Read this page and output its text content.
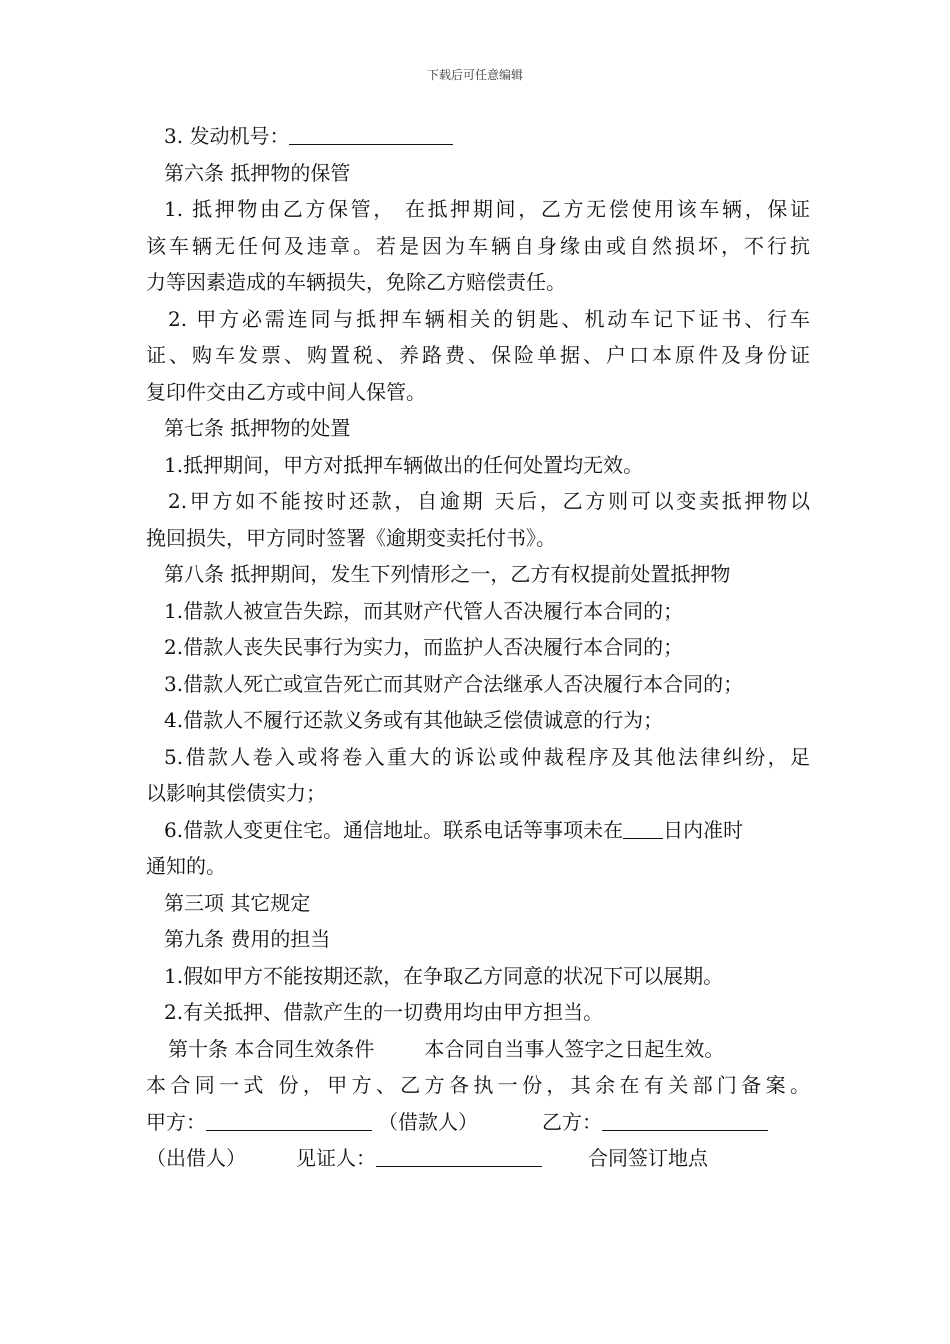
下载后可任意编辑
3. 发动机号：
第六条 抵押物的保管
1. 抵押物由乙方保管， 在抵押期间，乙方无偿使用该车辆，保证
该车辆无任何及违章。若是因为车辆自身缘由或自然损坏，不行抗
力等因素造成的车辆损失，免除乙方赔偿责任。
2. 甲方必需连同与抵押车辆相关的钥匙、机动车记下证书、行车
证、购车发票、购置税、养路费、保险单据、户口本原件及身份证
复印件交由乙方或中间人保管。
第七条 抵押物的处置
1.抵押期间，甲方对抵押车辆做出的任何处置均无效。
2.甲方如不能按时还款，自逾期 天后，乙方则可以变卖抵押物以
挽回损失，甲方同时签署《逾期变卖托付书》。
第八条 抵押期间，发生下列情形之一，乙方有权提前处置抵押物
1.借款人被宣告失踪，而其财产代管人否决履行本合同的；
2.借款人丧失民事行为实力，而监护人否决履行本合同的；
3.借款人死亡或宣告死亡而其财产合法继承人否决履行本合同的；
4.借款人不履行还款义务或有其他缺乏偿债诚意的行为；
5.借款人卷入或将卷入重大的诉讼或仲裁程序及其他法律纠纷，足
以影响其偿债实力；
6.借款人变更住宅。通信地址。联系电话等事项未在 日内准时
通知的。
第三项 其它规定
第九条 费用的担当
1.假如甲方不能按期还款，在争取乙方同意的状况下可以展期。
2.有关抵押、借款产生的一切费用均由甲方担当。
第十条 本合同生效条件	本合同自当事人签字之日起生效。
本合同一式 份，甲方、乙方各执一份，其余在有关部门备案。
甲方：	（借款人）	乙方：
（出借人）	见证人：	合同签订地点
